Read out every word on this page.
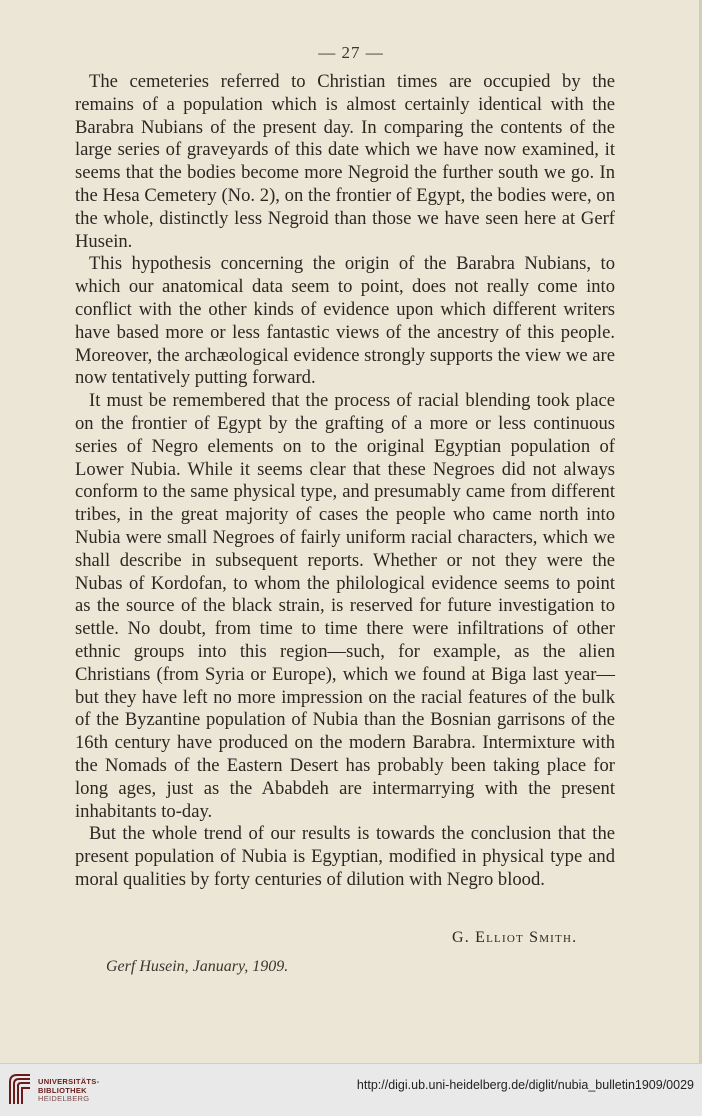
— 27 —

The cemeteries referred to Christian times are occupied by the remains of a population which is almost certainly identical with the Barabra Nubians of the present day. In comparing the contents of the large series of graveyards of this date which we have now examined, it seems that the bodies become more Negroid the further south we go. In the Hesa Cemetery (No. 2), on the frontier of Egypt, the bodies were, on the whole, distinctly less Negroid than those we have seen here at Gerf Husein.

This hypothesis concerning the origin of the Barabra Nubians, to which our anatomical data seem to point, does not really come into conflict with the other kinds of evidence upon which different writers have based more or less fantastic views of the ancestry of this people. Moreover, the archæological evidence strongly supports the view we are now tentatively putting forward.

It must be remembered that the process of racial blending took place on the frontier of Egypt by the grafting of a more or less continuous series of Negro elements on to the original Egyptian population of Lower Nubia. While it seems clear that these Negroes did not always conform to the same physical type, and presumably came from different tribes, in the great majority of cases the people who came north into Nubia were small Negroes of fairly uniform racial characters, which we shall describe in subsequent reports. Whether or not they were the Nubas of Kordofan, to whom the philological evidence seems to point as the source of the black strain, is reserved for future investigation to settle. No doubt, from time to time there were infiltrations of other ethnic groups into this region—such, for example, as the alien Christians (from Syria or Europe), which we found at Biga last year—but they have left no more impression on the racial features of the bulk of the Byzantine population of Nubia than the Bosnian garrisons of the 16th century have produced on the modern Barabra. Intermixture with the Nomads of the Eastern Desert has probably been taking place for long ages, just as the Ababdeh are intermarrying with the present inhabitants to-day.

But the whole trend of our results is towards the conclusion that the present population of Nubia is Egyptian, modified in physical type and moral qualities by forty centuries of dilution with Negro blood.

G. Elliot Smith.
Gerf Husein, January, 1909.
UNIVERSITÄTS-
BIBLIOTHEK
HEIDELBERG
http://digi.ub.uni-heidelberg.de/diglit/nubia_bulletin1909/0029
